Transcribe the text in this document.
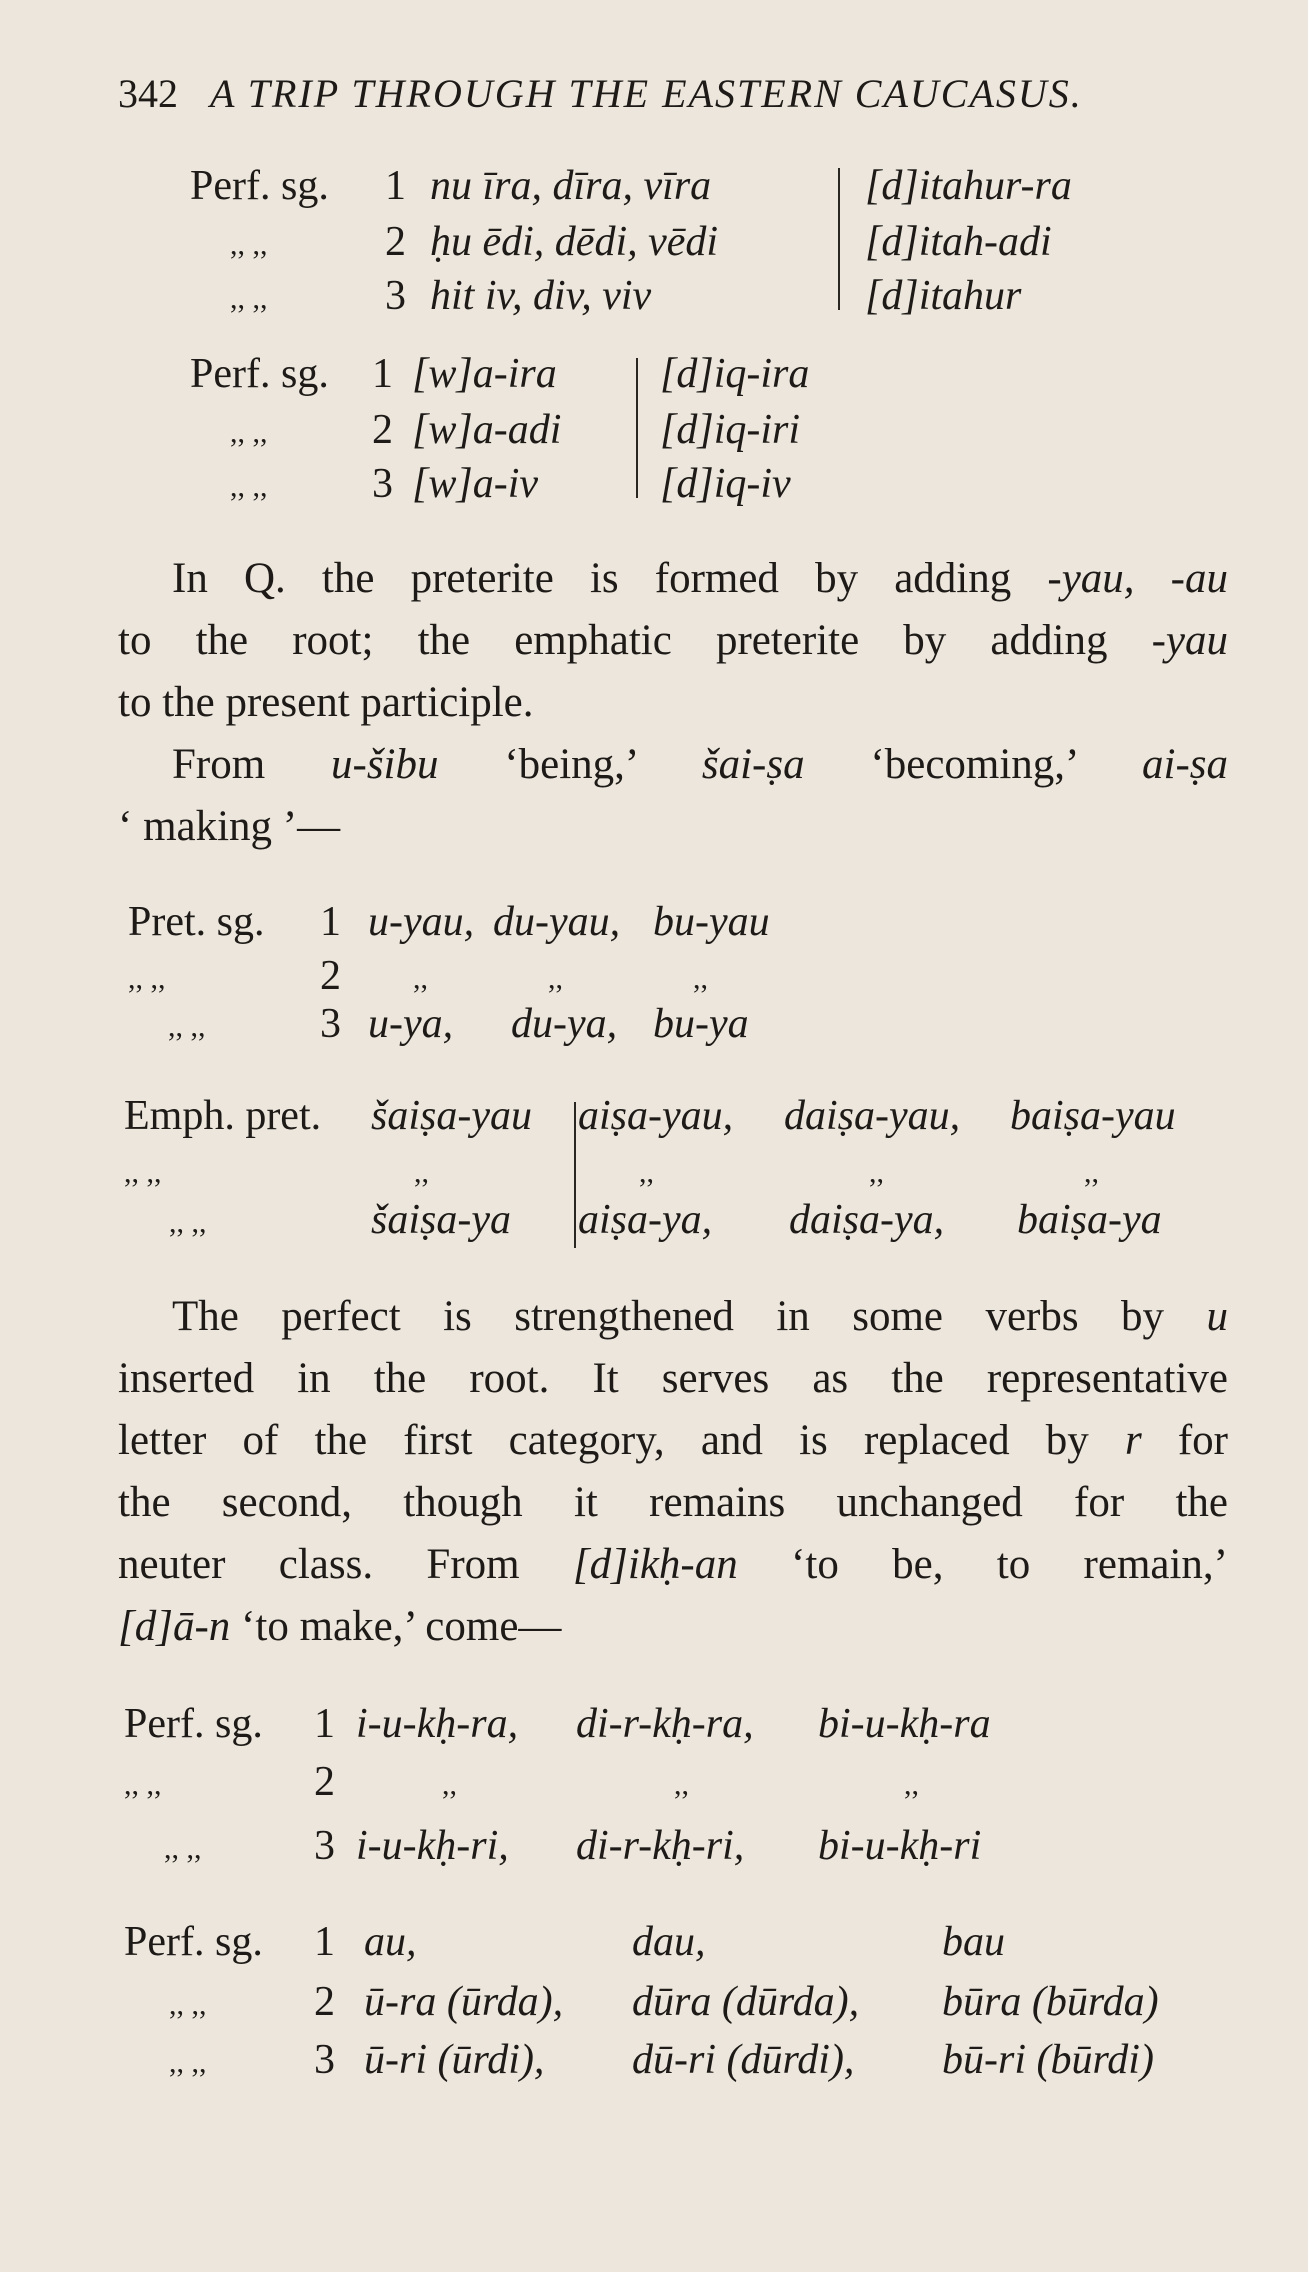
342 A TRIP THROUGH THE EASTERN CAUCASUS.
Perf. sg. 1 nu īra, dīra, vīra	[d]itahur-ra
,, ,,	2 ḥu ēdi, dēdi, vēdi	[d]itah-adi
,, ,,	3 hit iv, div, viv	[d]itahur
Perf. sg. 1 [w]a-ira [d]iq-ira
,, ,, 2 [w]a-adi [d]iq-iri
,, ,, 3 [w]a-iv	[d]iq-iv
In Q. the preterite is formed by adding -yau, -au
to the root; the emphatic preterite by adding -yau
to the present participle.
From u-šibu ‘being,’ šai-ṣa ‘becoming,’ ai-ṣa
‘ making ’—
Pret. sg. 1 u-yau, du-yau, bu-yau
,, ,,	2 ,,	,,	,,
,, ,,	3 u-ya, du-ya, bu-ya
Emph. pret. šaiṣa-yau aiṣa-yau, daiṣa-yau, baiṣa-yau
,, ,,	,,	,,	,,	,,
,, ,,	šaiṣa-ya aiṣa-ya, daiṣa-ya, baiṣa-ya
The perfect is strengthened in some verbs by u
inserted in the root. It serves as the representative
letter of the first category, and is replaced by r for
the second, though it remains unchanged for the
neuter class. From [d]ikḥ-an ‘to be, to remain,’
[d]ā-n ‘to make,’ come—
Perf. sg. 1 i-u-kḥ-ra, di-r-kḥ-ra, bi-u-kḥ-ra
,, ,,	2	,,	,,	,,
,, ,,	3 i-u-kḥ-ri, di-r-kḥ-ri, bi-u-kḥ-ri
Perf. sg. 1 au,	dau,	bau
,, ,,	2 ū-ra (ūrda), dūra (dūrda), būra (būrda)
,, ,,	3 ū-ri (ūrdi), dū-ri (dūrdi), bū-ri (būrdi)
